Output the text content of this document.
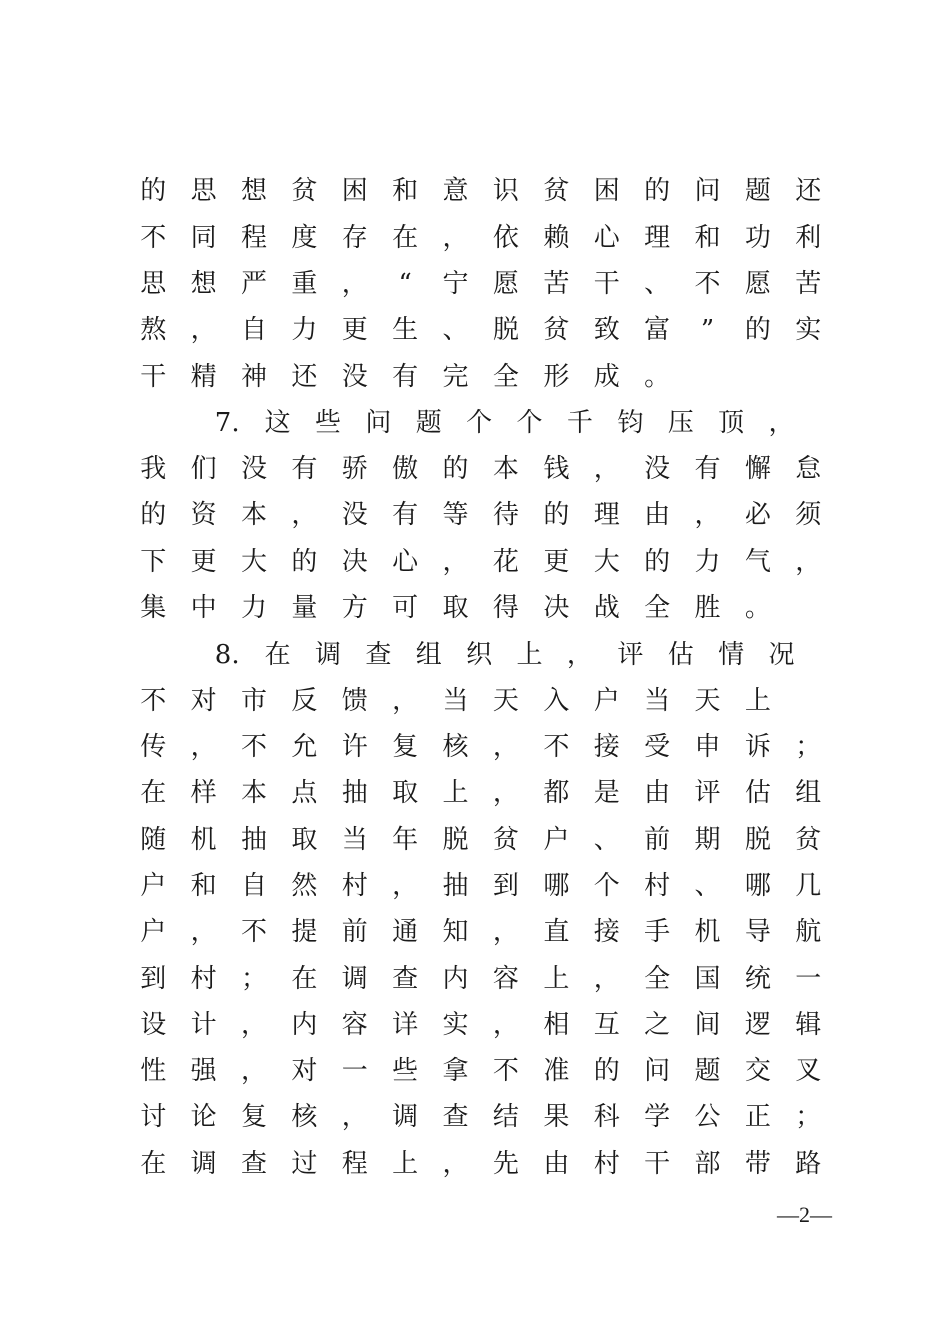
的 思 想 贫 困 和 意 识 贫 困 的 问 题 还
不 同 程 度 存 在 ， 依 赖 心 理 和 功 利
思 想 严 重 ，	“	宁 愿 苦 干 、 不 愿 苦
熬 ， 自 力 更 生 、 脱 贫 致 富	”	的 实
干 精 神 还 没 有 完 全 形 成 。
7. 这 些 问 题 个 个 千 钧 压 顶 ，
我 们 没 有 骄 傲 的 本 钱 ， 没 有 懈 怠
的 资 本 ， 没 有 等 待 的 理 由 ， 必 须
下 更 大 的 决 心 ， 花 更 大 的 力 气 ，
集 中 力 量 方 可 取 得 决 战 全 胜 。
8. 在 调 查 组 织 上 ， 评 估 情 况
不 对 市 反 馈 ， 当 天 入 户 当 天 上
传 ， 不 允 许 复 核 ， 不 接 受 申 诉 ；
在 样 本 点 抽 取 上 ， 都 是 由 评 估 组
随 机 抽 取 当 年 脱 贫 户 、 前 期 脱 贫
户 和 自 然 村 ， 抽 到 哪 个 村 、 哪 几
户 ， 不 提 前 通 知 ， 直 接 手 机 导 航
到 村 ； 在 调 查 内 容 上 ， 全 国 统 一
设 计 ， 内 容 详 实 ， 相 互 之 间 逻 辑
性 强 ， 对 一 些 拿 不 准 的 问 题 交 叉
讨 论 复 核 ， 调 查 结 果 科 学 公 正 ；
在 调 查 过 程 上 ， 先 由 村 干 部 带 路
—2—
